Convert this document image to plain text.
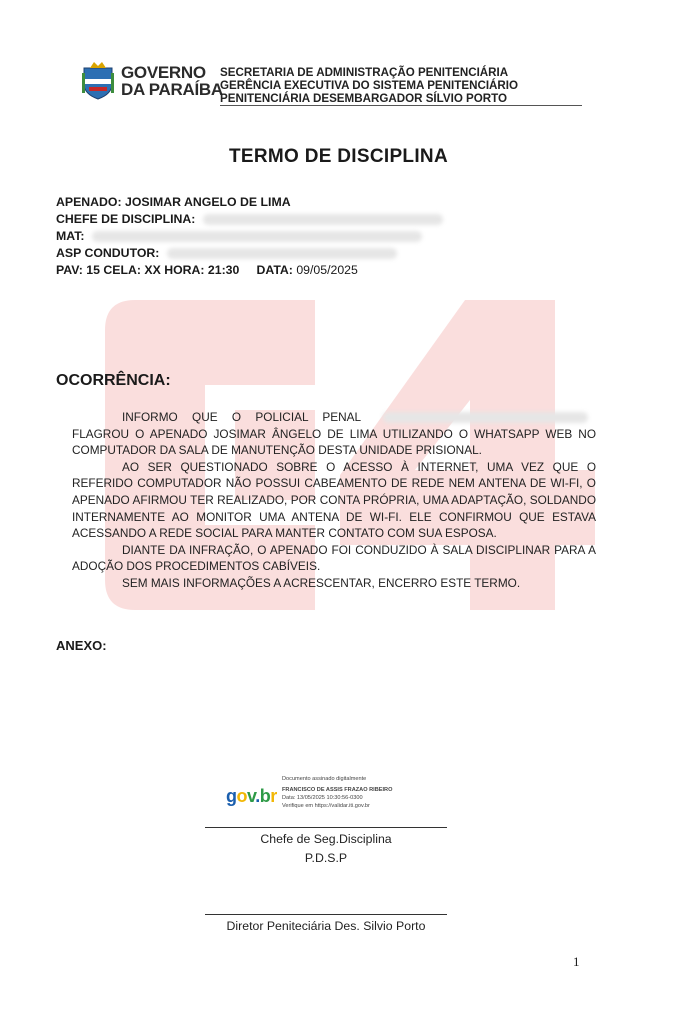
GOVERNO
DA PARAÍBA
SECRETARIA DE ADMINISTRAÇÃO PENITENCIÁRIA
GERÊNCIA EXECUTIVA DO SISTEMA PENITENCIÁRIO
PENITENCIÁRIA DESEMBARGADOR SÍLVIO PORTO
TERMO DE DISCIPLINA
APENADO: JOSIMAR ANGELO DE LIMA
CHEFE DE DISCIPLINA:
MAT:
ASP CONDUTOR:
PAV: 15 CELA: XX HORA: 21:30 DATA: 09/05/2025
OCORRÊNCIA:

INFORMO QUE O POLICIAL PENAL  FLAGROU O APENADO JOSIMAR ÂNGELO DE LIMA UTILIZANDO O WHATSAPP WEB NO COMPUTADOR DA SALA DE MANUTENÇÃO DESTA UNIDADE PRISIONAL.

AO SER QUESTIONADO SOBRE O ACESSO À INTERNET, UMA VEZ QUE O REFERIDO COMPUTADOR NÃO POSSUI CABEAMENTO DE REDE NEM ANTENA DE WI-FI, O APENADO AFIRMOU TER REALIZADO, POR CONTA PRÓPRIA, UMA ADAPTAÇÃO, SOLDANDO INTERNAMENTE AO MONITOR UMA ANTENA DE WI-FI. ELE CONFIRMOU QUE ESTAVA ACESSANDO A REDE SOCIAL PARA MANTER CONTATO COM SUA ESPOSA.

DIANTE DA INFRAÇÃO, O APENADO FOI CONDUZIDO À SALA DISCIPLINAR PARA A ADOÇÃO DOS PROCEDIMENTOS CABÍVEIS.

SEM MAIS INFORMAÇÕES A ACRESCENTAR, ENCERRO ESTE TERMO.

ANEXO:
gov.br
Documento assinado digitalmente
FRANCISCO DE ASSIS FRAZAO RIBEIRO
Data: 13/05/2025 10:30:56-0300
Verifique em https://validar.iti.gov.br
Chefe de Seg.Disciplina
P.D.S.P
Diretor Peniteciária Des. Silvio Porto
1
